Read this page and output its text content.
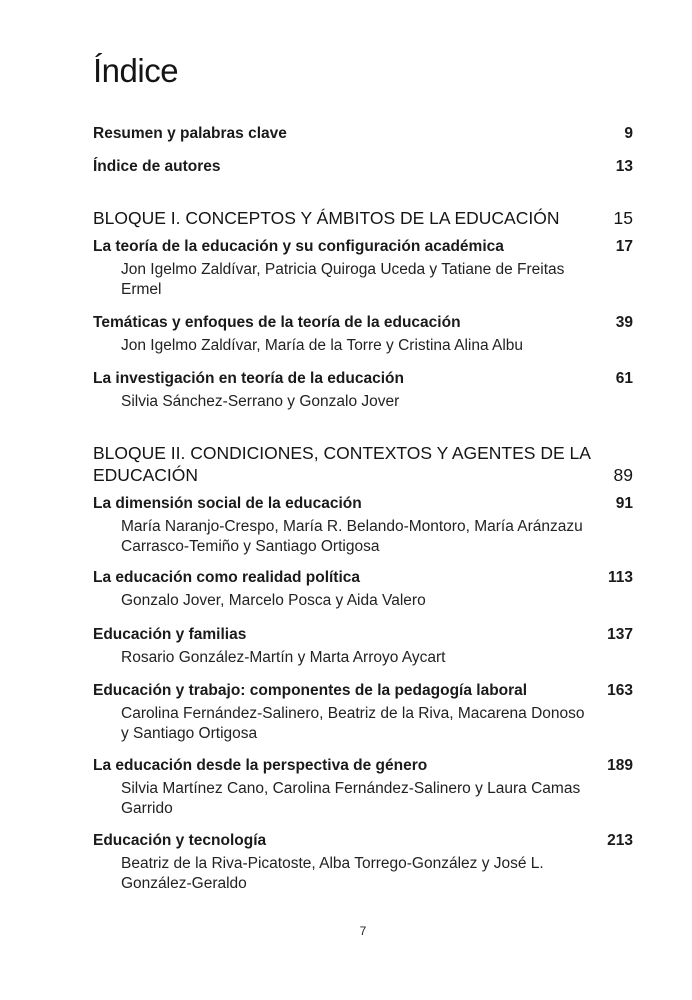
Índice
Resumen y palabras clave	9
Índice de autores	13
BLOQUE I. CONCEPTOS Y ÁMBITOS DE LA EDUCACIÓN	15
La teoría de la educación y su configuración académica	17
Jon Igelmo Zaldívar, Patricia Quiroga Uceda y Tatiane de Freitas Ermel
Temáticas y enfoques de la teoría de la educación	39
Jon Igelmo Zaldívar, María de la Torre y Cristina Alina Albu
La investigación en teoría de la educación	61
Silvia Sánchez-Serrano y Gonzalo Jover
BLOQUE II. CONDICIONES, CONTEXTOS Y AGENTES DE LA EDUCACIÓN	89
La dimensión social de la educación	91
María Naranjo-Crespo, María R. Belando-Montoro, María Aránzazu Carrasco-Temiño y Santiago Ortigosa
La educación como realidad política	113
Gonzalo Jover, Marcelo Posca y Aida Valero
Educación y familias	137
Rosario González-Martín y Marta Arroyo Aycart
Educación y trabajo: componentes de la pedagogía laboral	163
Carolina Fernández-Salinero, Beatriz de la Riva, Macarena Donoso y Santiago Ortigosa
La educación desde la perspectiva de género	189
Silvia Martínez Cano, Carolina Fernández-Salinero y Laura Camas Garrido
Educación y tecnología	213
Beatriz de la Riva-Picatoste, Alba Torrego-González y José L. González-Geraldo
7
